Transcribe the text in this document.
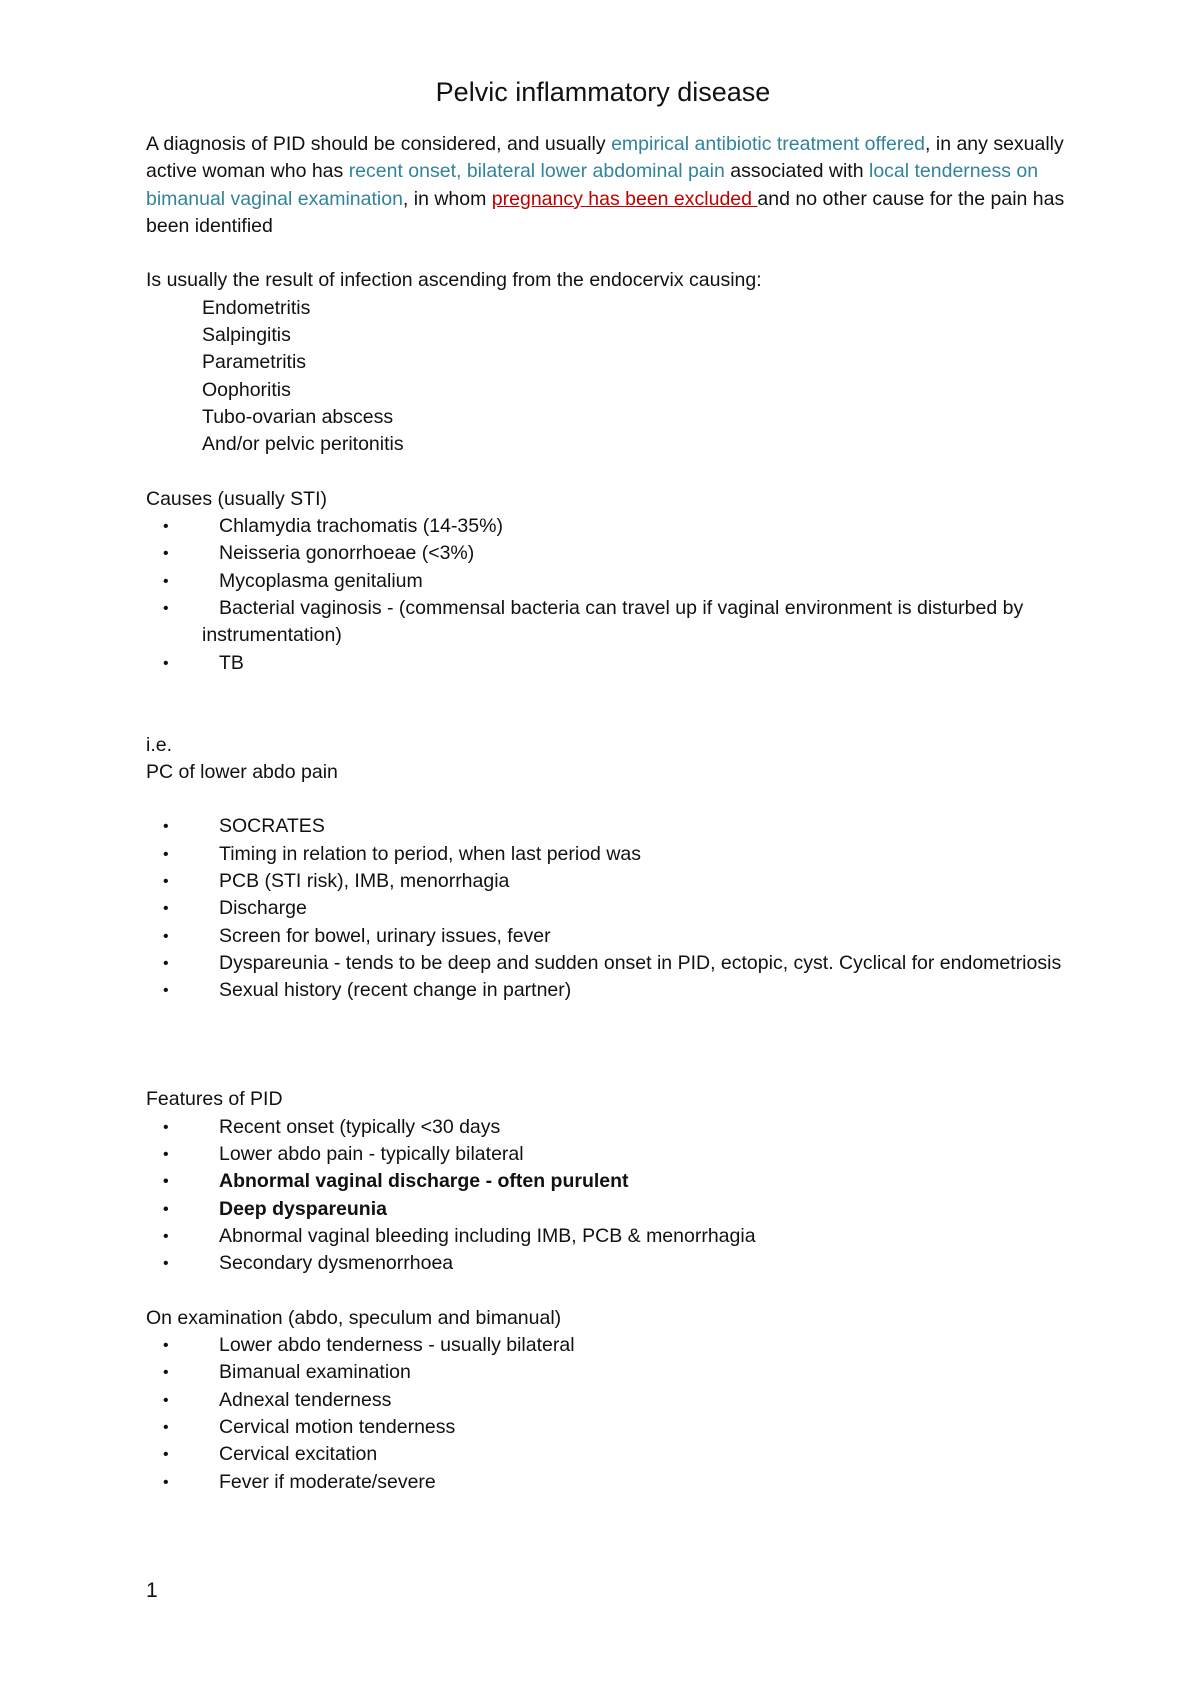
Pelvic inflammatory disease

A diagnosis of PID should be considered, and usually empirical antibiotic treatment offered, in any sexually active woman who has recent onset, bilateral lower abdominal pain associated with local tenderness on bimanual vaginal examination, in whom pregnancy has been excluded and no other cause for the pain has been identified

Is usually the result of infection ascending from the endocervix causing:

Endometritis
Salpingitis
Parametritis
Oophoritis
Tubo-ovarian abscess
And/or pelvic peritonitis

Causes (usually STI)

•	Chlamydia trachomatis (14-35%)
•	Neisseria gonorrhoeae (<3%)
•	Mycoplasma genitalium
•	Bacterial vaginosis - (commensal bacteria can travel up if vaginal environment is disturbed by instrumentation)
•	TB

i.e.

PC of lower abdo pain

•	SOCRATES
•	Timing in relation to period, when last period was
•	PCB (STI risk), IMB, menorrhagia
•	Discharge
•	Screen for bowel, urinary issues, fever
•	Dyspareunia - tends to be deep and sudden onset in PID, ectopic, cyst. Cyclical for endometriosis
•	Sexual history (recent change in partner)

Features of PID

•	Recent onset (typically <30 days
•	Lower abdo pain - typically bilateral
•	Abnormal vaginal discharge - often purulent
•	Deep dyspareunia
•	Abnormal vaginal bleeding including IMB, PCB & menorrhagia
•	Secondary dysmenorrhoea

On examination (abdo, speculum and bimanual)

•	Lower abdo tenderness - usually bilateral
•	Bimanual examination
•	Adnexal tenderness
•	Cervical motion tenderness
•	Cervical excitation
•	Fever if moderate/severe
1
